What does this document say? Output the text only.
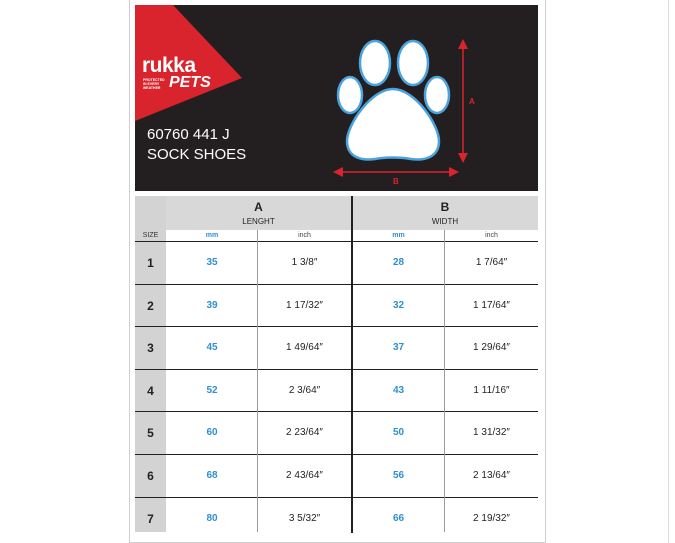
rukka
PROTECTED IN EVERY WEATHER PETS
60760 441 J
SOCK SHOES
A
B
A
LENGHT
B
WIDTH
SIZE	mm	inch	mm	inch
1	35	1 3/8″	28	1 7/64″
2	39	1 17/32″	32	1 17/64″
3	45	1 49/64″	37	1 29/64″
4	52	2 3/64″	43	1 11/16″
5	60	2 23/64″	50	1 31/32″
6	68	2 43/64″	56	2 13/64″
7	80	3 5/32″	66	2 19/32″
